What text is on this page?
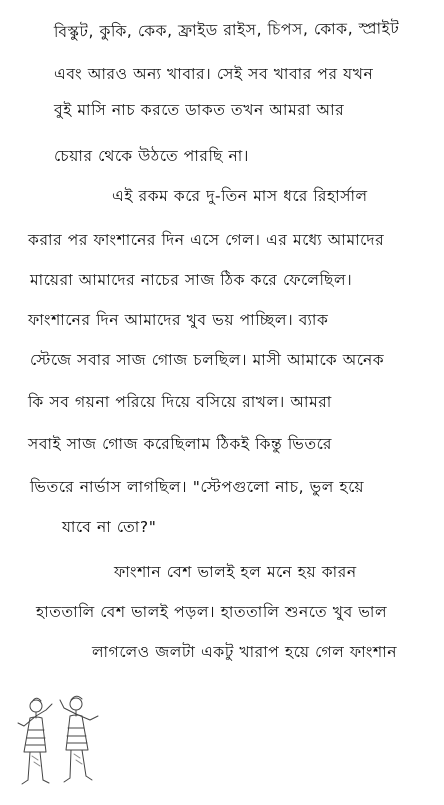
বিস্কুট, কুকি, কেক, ফ্রাইড রাইস, চিপস, কোক, স্প্রাইট
এবং আরও অন্য খাবার। সেই সব খাবার পর যখন
বুই মাসি নাচ করতে ডাকত তখন আমরা আর
চেয়ার থেকে উঠতে পারছি না।
এই রকম করে দু-তিন মাস ধরে রিহার্সাল
করার পর ফাংশানের দিন এসে গেল। এর মধ্যে আমাদের
মায়েরা আমাদের নাচের সাজ ঠিক করে ফেলেছিল।
ফাংশানের দিন আমাদের খুব ভয় পাচ্ছিল। ব্যাক
স্টেজে সবার সাজ গোজ চলছিল। মাসী আমাকে অনেক
কি সব গয়না পরিয়ে দিয়ে বসিয়ে রাখল। আমরা
সবাই সাজ গোজ করেছিলাম ঠিকই কিন্তু ভিতরে
ভিতরে নার্ভাস লাগছিল। "স্টেপগুলো নাচ, ভুল হয়ে
যাবে না তো?"
ফাংশান বেশ ভালই হল মনে হয় কারন
হাততালি বেশ ভালই পড়ল। হাততালি শুনতে খুব ভাল
লাগলেও জলটা একটু খারাপ হয়ে গেল ফাংশান
